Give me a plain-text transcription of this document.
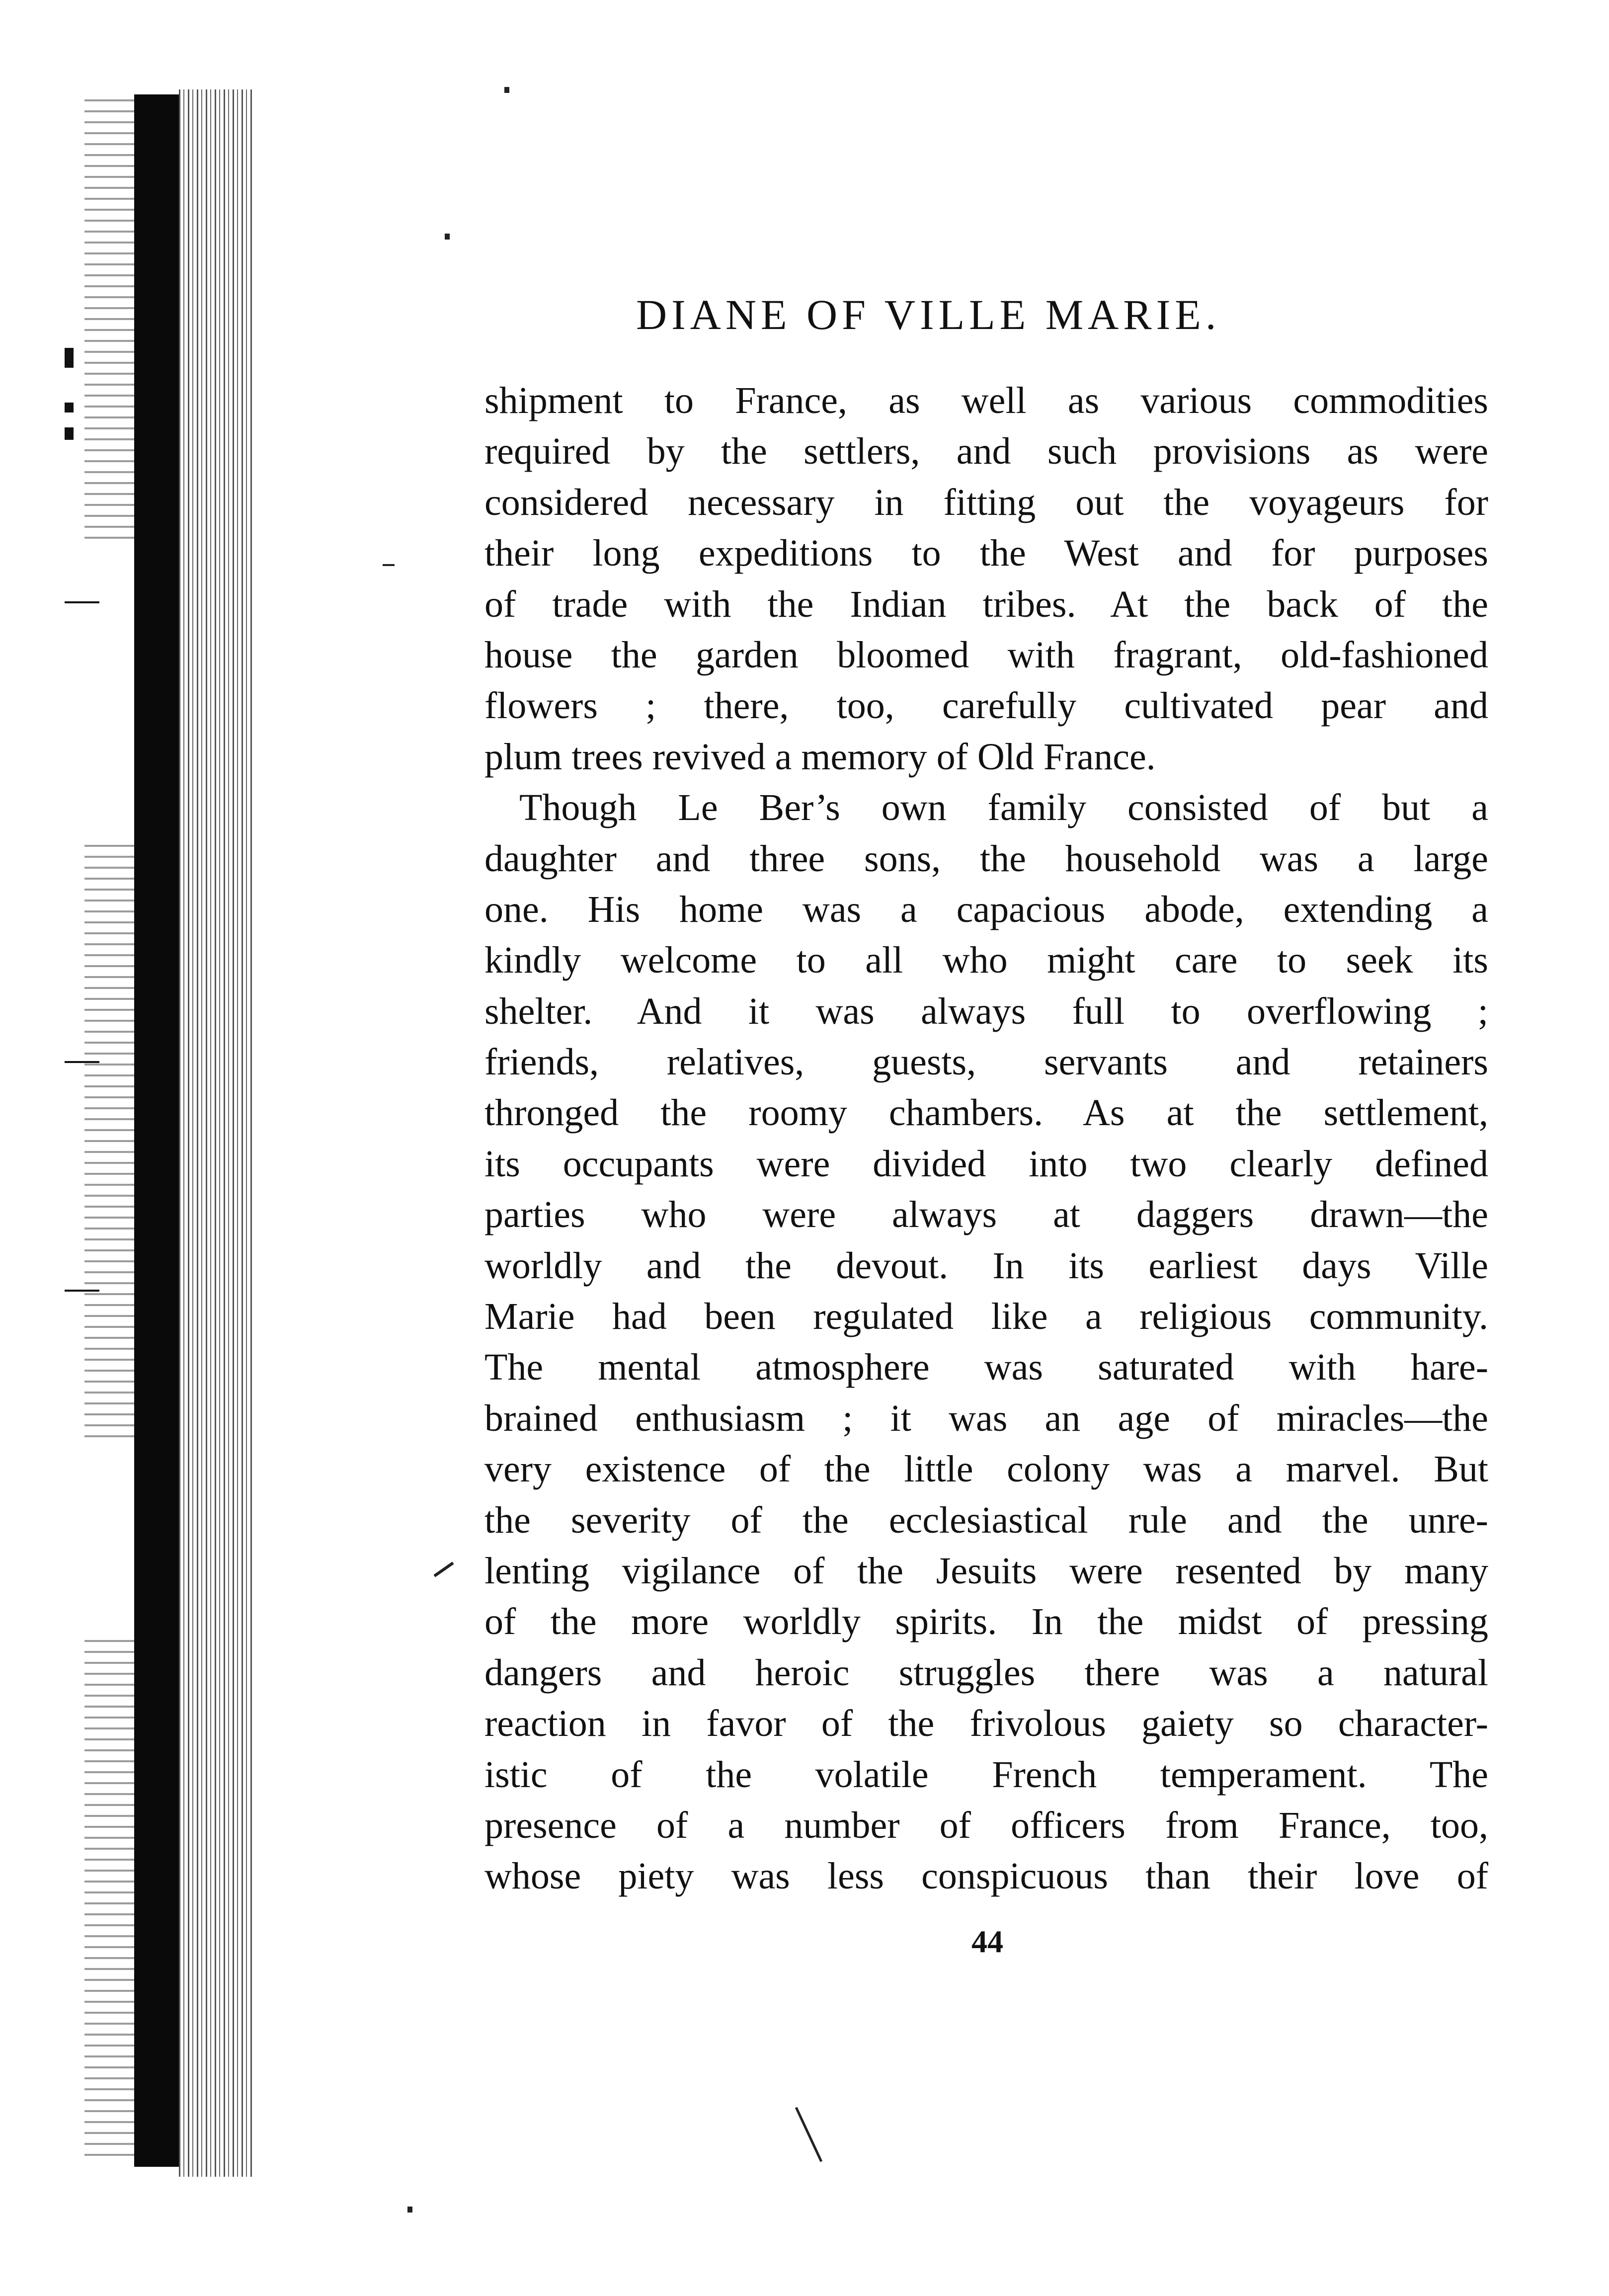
DIANE OF VILLE MARIE.
shipment to France, as well as various commodities
required by the settlers, and such provisions as were
considered necessary in fitting out the voyageurs for
their long expeditions to the West and for purposes
of trade with the Indian tribes. At the back of the
house the garden bloomed with fragrant, old-fashioned
flowers ; there, too, carefully cultivated pear and
plum trees revived a memory of Old France.
Though Le Ber’s own family consisted of but a
daughter and three sons, the household was a large
one. His home was a capacious abode, extending a
kindly welcome to all who might care to seek its
shelter. And it was always full to overflowing ;
friends, relatives, guests, servants and retainers
thronged the roomy chambers. As at the settlement,
its occupants were divided into two clearly defined
parties who were always at daggers drawn—the
worldly and the devout. In its earliest days Ville
Marie had been regulated like a religious community.
The mental atmosphere was saturated with hare-
brained enthusiasm ; it was an age of miracles—the
very existence of the little colony was a marvel. But
the severity of the ecclesiastical rule and the unre-
lenting vigilance of the Jesuits were resented by many
of the more worldly spirits. In the midst of pressing
dangers and heroic struggles there was a natural
reaction in favor of the frivolous gaiety so character-
istic of the volatile French temperament. The
presence of a number of officers from France, too,
whose piety was less conspicuous than their love of
44
